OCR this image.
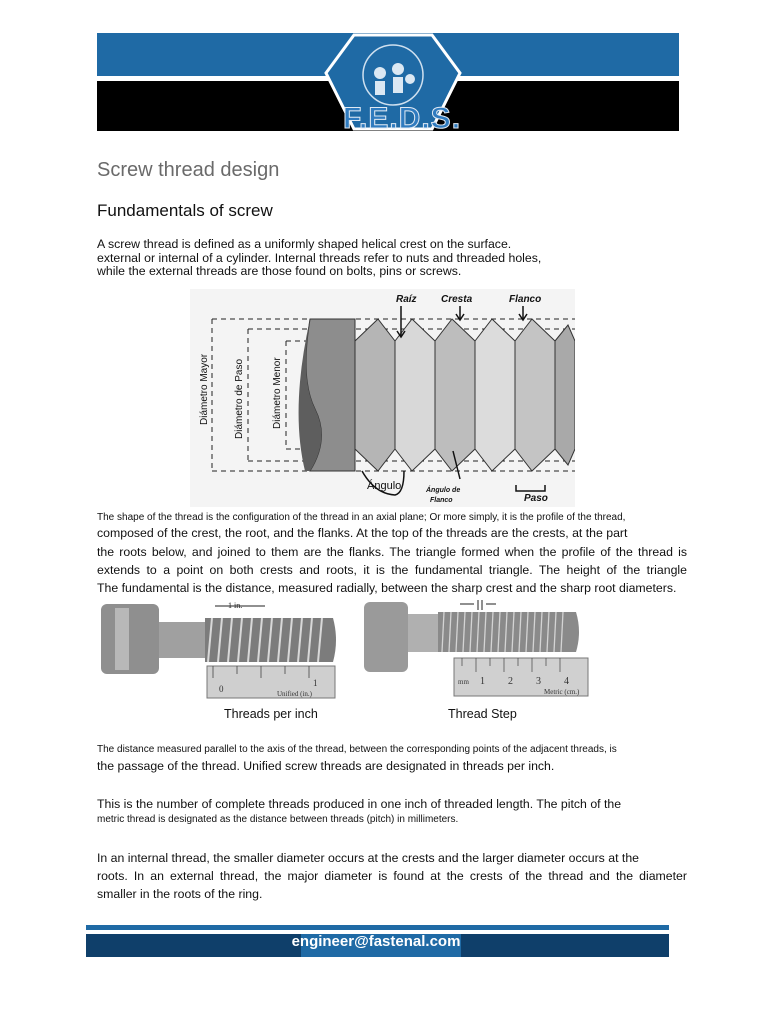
F.E.D.S.
Screw thread design
Fundamentals of screw
A screw thread is defined as a uniformly shaped helical crest on the surface.
external or internal of a cylinder. Internal threads refer to nuts and threaded holes,
while the external threads are those found on bolts, pins or screws.
Raíz Cresta	Flanco
Ángulo de
Flanco	Paso
Ángulo
Diámetro Mayor Diámetro de Paso	Diámetro Menor
The shape of the thread is the configuration of the thread in an axial plane; Or more simply, it is the profile of the thread,
composed of the crest, the root, and the flanks. At the top of the threads are the crests, at the part
the roots below, and joined to them are the flanks. The triangle formed when the profile of the thread is
extends to a point on both crests and roots, it is the fundamental triangle. The height of the triangle
The fundamental is the distance, measured radially, between the sharp crest and the sharp root diameters.
1 in.
0
1
Unified (in.)
mm 1 2 3 4
Metric (cm.)
Threads per inch	Thread Step
The distance measured parallel to the axis of the thread, between the corresponding points of the adjacent threads, is
the passage of the thread. Unified screw threads are designated in threads per inch.
This is the number of complete threads produced in one inch of threaded length. The pitch of the
metric thread is designated as the distance between threads (pitch) in millimeters.
In an internal thread, the smaller diameter occurs at the crests and the larger diameter occurs at the
roots. In an external thread, the major diameter is found at the crests of the thread and the diameter
smaller in the roots of the ring.
engineer@fastenal.com
